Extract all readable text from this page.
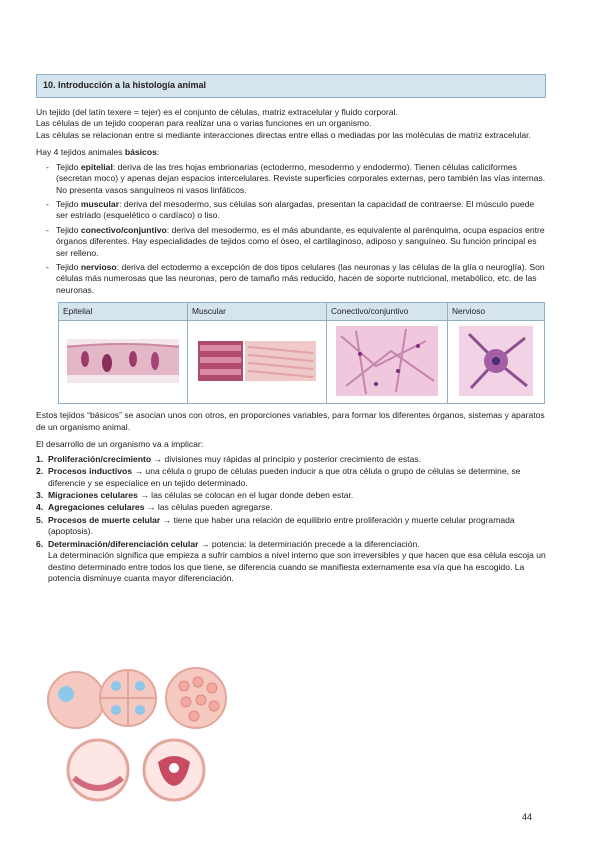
10. Introducción a la histología animal

Un tejido (del latín texere = tejer) es el conjunto de células, matriz extracelular y fluido corporal.

Las células de un tejido cooperan para realizar una o varias funciones en un organismo.

Las células se relacionan entre si mediante interacciones directas entre ellas o mediadas por las moléculas de matriz extracelular.

Hay 4 tejidos animales básicos:

- Tejido epitelial: deriva de las tres hojas embrionarias (ectodermo, mesodermo y endodermo). Tienen células caliciformes (secretan moco) y apenas dejan espacios intercelulares. Reviste superficies corporales externas, pero también las vías internas. No presenta vasos sanguíneos ni vasos linfáticos.
- Tejido muscular: deriva del mesodermo, sus células son alargadas, presentan la capacidad de contraerse. El músculo puede ser estriado (esquelético o cardíaco) o liso.
- Tejido conectivo/conjuntivo: deriva del mesodermo, es el más abundante, es equivalente al parénquima, ocupa espacios entre órganos diferentes. Hay especialidades de tejidos como el óseo, el cartilaginoso, adiposo y sanguíneo. Su función principal es ser relleno.
- Tejido nervioso: deriva del ectodermo a excepción de dos tipos celulares (las neuronas y las células de la glía o neuroglía). Son células más numerosas que las neuronas, pero de tamaño más reducido, hacen de soporte nutricional, metabólico, etc. de las neuronas.
Epitelial	Muscular	Conectivo/conjuntivo	Nervioso

Estos tejidos “básicos” se asocian unos con otros, en proporciones variables, para formar los diferentes órganos, sistemas y aparatos de un organismo animal.

El desarrollo de un organismo va a implicar:

1. Proliferación/crecimiento → divisiones muy rápidas al principio y posterior crecimiento de estas.
2. Procesos inductivos → una célula o grupo de células pueden inducir a que otra célula o grupo de células se determine, se diferencie y se especialice en un tejido determinado.
3. Migraciones celulares → las células se colocan en el lugar donde deben estar.
4. Agregaciones celulares → las células pueden agregarse.
5. Procesos de muerte celular → tiene que haber una relación de equilibrio entre proliferación y muerte celular programada (apoptosis).
6. Determinación/diferenciación celular → potencia: la determinación precede a la diferenciación.
La determinación significa que empieza a sufrir cambios a nivel interno que son irreversibles y que hacen que esa célula escoja un destino determinado entre todos los que tiene, se diferencia cuando se manifiesta externamente esa vía que ha escogido. La potencia disminuye cuanta mayor diferenciación.
44
